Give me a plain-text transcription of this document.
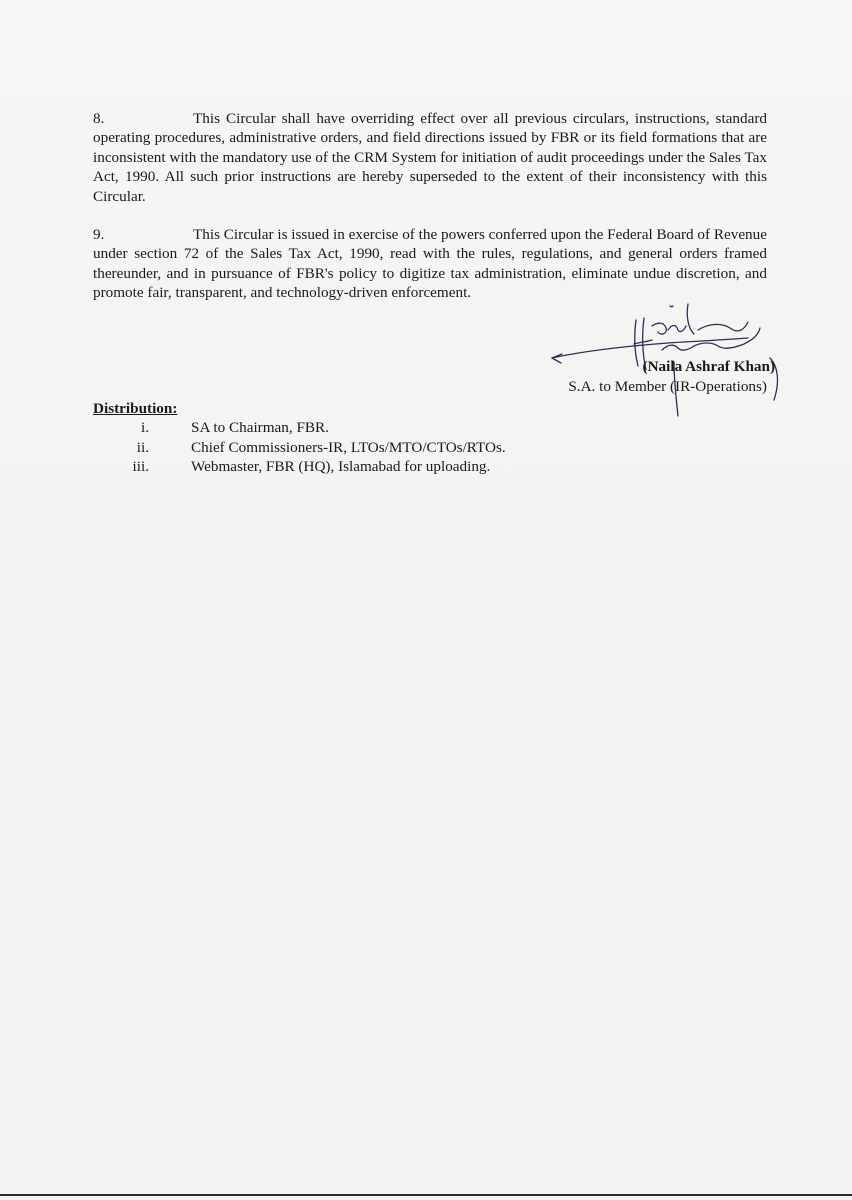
8.	This Circular shall have overriding effect over all previous circulars, instructions, standard operating procedures, administrative orders, and field directions issued by FBR or its field formations that are inconsistent with the mandatory use of the CRM System for initiation of audit proceedings under the Sales Tax Act, 1990. All such prior instructions are hereby superseded to the extent of their inconsistency with this Circular.

9.	This Circular is issued in exercise of the powers conferred upon the Federal Board of Revenue under section 72 of the Sales Tax Act, 1990, read with the rules, regulations, and general orders framed thereunder, and in pursuance of FBR's policy to digitize tax administration, eliminate undue discretion, and promote fair, transparent, and technology-driven enforcement.

(Naila Ashraf Khan)

S.A. to Member (IR-Operations)

Distribution:

i.	SA to Chairman, FBR.
ii.	Chief Commissioners-IR, LTOs/MTO/CTOs/RTOs.
iii.	Webmaster, FBR (HQ), Islamabad for uploading.
